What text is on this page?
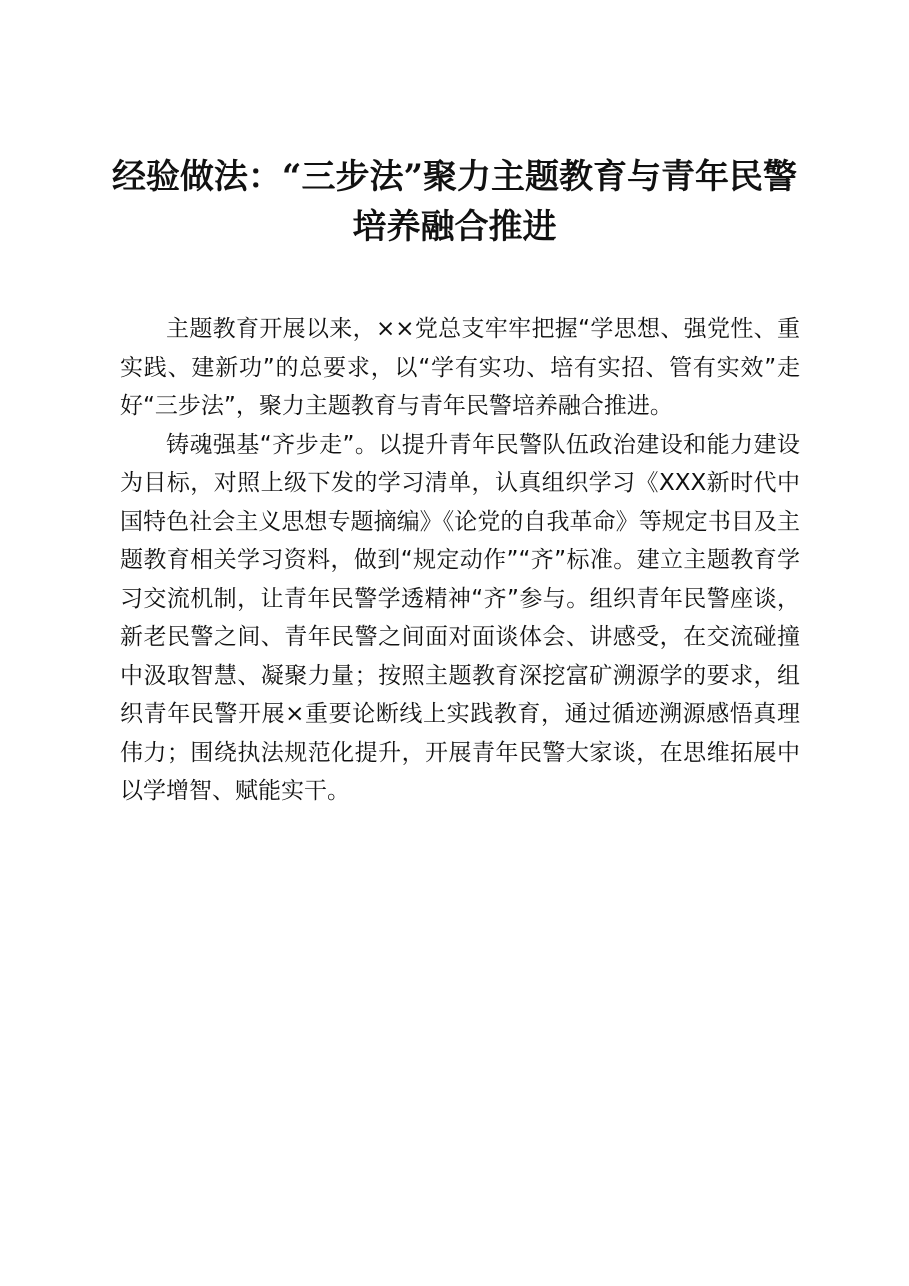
经验做法：“三步法”聚力主题教育与青年民警
培养融合推进

主题教育开展以来，××党总支牢牢把握“学思想、强党性、重实践、建新功”的总要求，以“学有实功、培有实招、管有实效”走好“三步法”，聚力主题教育与青年民警培养融合推进。

铸魂强基“齐步走”。以提升青年民警队伍政治建设和能力建设为目标，对照上级下发的学习清单，认真组织学习《XXX新时代中国特色社会主义思想专题摘编》《论党的自我革命》等规定书目及主题教育相关学习资料，做到“规定动作”“齐”标准。建立主题教育学习交流机制，让青年民警学透精神“齐”参与。组织青年民警座谈，新老民警之间、青年民警之间面对面谈体会、讲感受，在交流碰撞中汲取智慧、凝聚力量；按照主题教育深挖富矿溯源学的要求，组织青年民警开展×重要论断线上实践教育，通过循迹溯源感悟真理伟力；围绕执法规范化提升，开展青年民警大家谈，在思维拓展中以学增智、赋能实干。
